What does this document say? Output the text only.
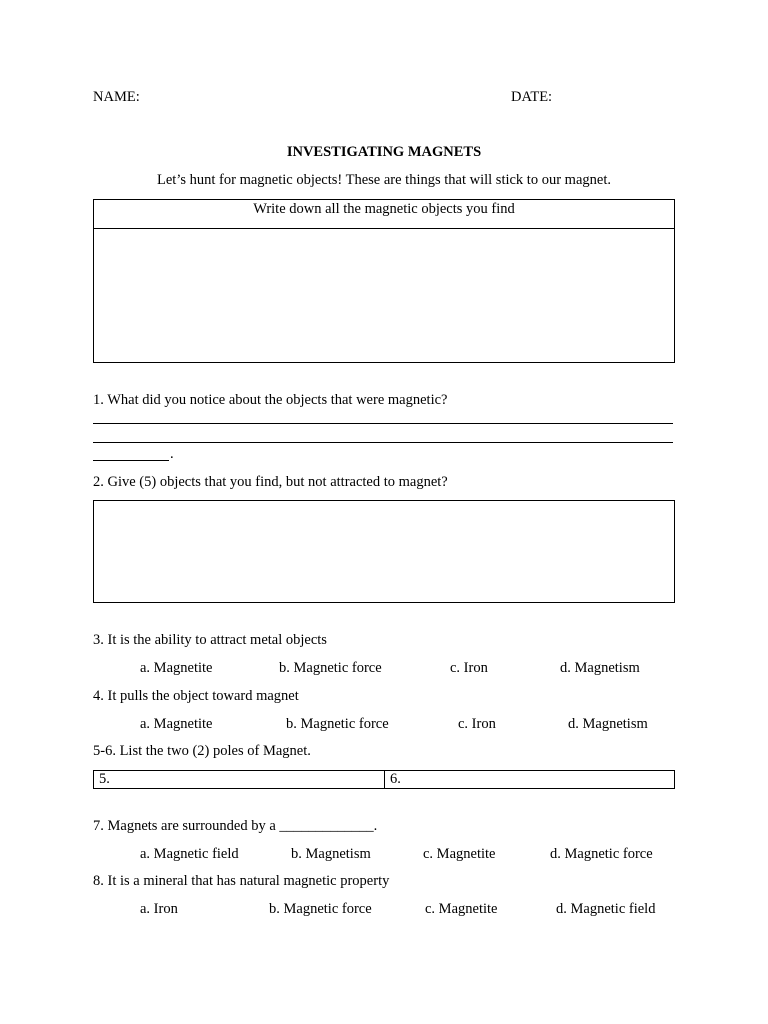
NAME:	DATE:
INVESTIGATING MAGNETS
Let’s hunt for magnetic objects! These are things that will stick to our magnet.
Write down all the magnetic objects you find
1. What did you notice about the objects that were magnetic?
.
2. Give (5) objects that you find, but not attracted to magnet?
3. It is the ability to attract metal objects
a. Magnetite	b. Magnetic force	c. Iron	d. Magnetism
4. It pulls the object toward magnet
a. Magnetite	b. Magnetic force	c. Iron	d. Magnetism
5-6. List the two (2) poles of Magnet.
5.	6.
7. Magnets are surrounded by a _____________.
a. Magnetic field	b. Magnetism	c. Magnetite	d. Magnetic force
8. It is a mineral that has natural magnetic property
a. Iron	b. Magnetic force	c. Magnetite	d. Magnetic field
